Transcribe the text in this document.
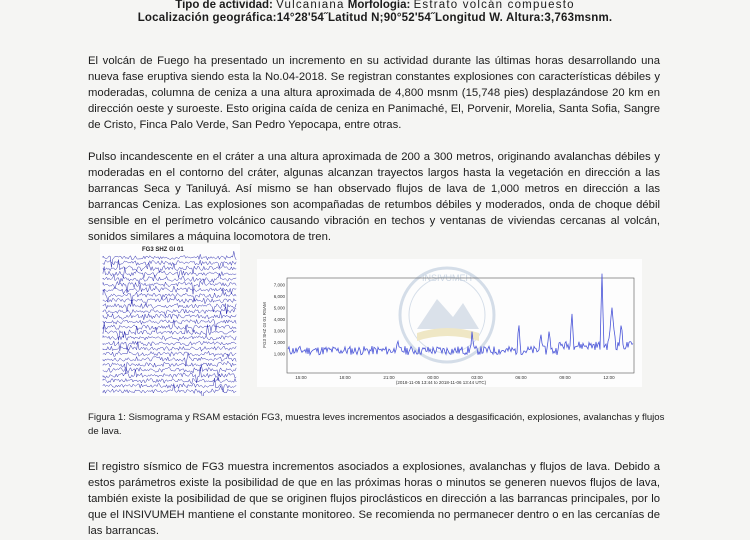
Tipo de actividad: Vulcaniana Morfología: Estrato volcán compuesto
Localización geográfica:14°28'54˝Latitud N;90°52'54˝Longitud W. Altura:3,763msnm.

El volcán de Fuego ha presentado un incremento en su actividad durante las últimas horas desarrollando una nueva fase eruptiva siendo esta la No.04-2018. Se registran constantes explosiones con características débiles y moderadas, columna de ceniza a una altura aproximada de 4,800 msnm (15,748 pies) desplazándose 20 km en dirección oeste y suroeste. Esto origina caída de ceniza en Panimaché, El, Porvenir, Morelia, Santa Sofia, Sangre de Cristo, Finca Palo Verde, San Pedro Yepocapa, entre otras.

Pulso incandescente en el cráter a una altura aproximada de 200 a 300 metros, originando avalanchas débiles y moderadas en el contorno del cráter, algunas alcanzan trayectos largos hasta la vegetación en dirección a las barrancas Seca y Taniluyá. Así mismo se han observado flujos de lava de 1,000 metros en dirección a las barrancas Ceniza. Las explosiones son acompañadas de retumbos débiles y moderados, onda de choque débil sensible en el perímetro volcánico causando vibración en techos y ventanas de viviendas cercanas al volcán, sonidos similares a máquina locomotora de tren.

FG3 SHZ GI 01
INSIVUMEH
FG3 SHZ GI 01 RSAM
7,000
6,000
5,000
4,000
3,000
2,000
1,000
15:00	18:00	21:00	00:00	03:00	06:00	09:00	12:00
(2018-11-05 13:44 to 2018-11-06 13:44 UTC)

Figura 1: Sismograma y RSAM estación FG3, muestra leves incrementos asociados a desgasificación, explosiones, avalanchas y flujos de lava.

El registro sísmico de FG3 muestra incrementos asociados a explosiones, avalanchas y flujos de lava. Debido a estos parámetros existe la posibilidad de que en las próximas horas o minutos se generen nuevos flujos de lava, también existe la posibilidad de que se originen flujos piroclásticos en dirección a las barrancas principales, por lo que el INSIVUMEH mantiene el constante monitoreo. Se recomienda no permanecer dentro o en las cercanías de las barrancas.
